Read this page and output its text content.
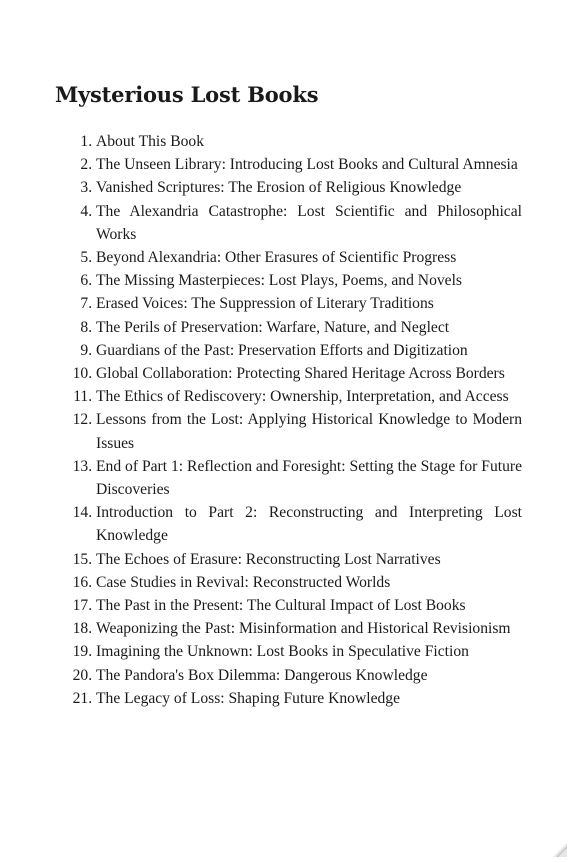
Mysterious Lost Books
1. About This Book
2. The Unseen Library: Introducing Lost Books and Cultural Amnesia
3. Vanished Scriptures: The Erosion of Religious Knowledge
4. The Alexandria Catastrophe: Lost Scientific and Philosophical Works
5. Beyond Alexandria: Other Erasures of Scientific Progress
6. The Missing Masterpieces: Lost Plays, Poems, and Novels
7. Erased Voices: The Suppression of Literary Traditions
8. The Perils of Preservation: Warfare, Nature, and Neglect
9. Guardians of the Past: Preservation Efforts and Digitization
10. Global Collaboration: Protecting Shared Heritage Across Borders
11. The Ethics of Rediscovery: Ownership, Interpretation, and Access
12. Lessons from the Lost: Applying Historical Knowledge to Modern Issues
13. End of Part 1: Reflection and Foresight: Setting the Stage for Future Discoveries
14. Introduction to Part 2: Reconstructing and Interpreting Lost Knowledge
15. The Echoes of Erasure: Reconstructing Lost Narratives
16. Case Studies in Revival: Reconstructed Worlds
17. The Past in the Present: The Cultural Impact of Lost Books
18. Weaponizing the Past: Misinformation and Historical Revisionism
19. Imagining the Unknown: Lost Books in Speculative Fiction
20. The Pandora's Box Dilemma: Dangerous Knowledge
21. The Legacy of Loss: Shaping Future Knowledge
